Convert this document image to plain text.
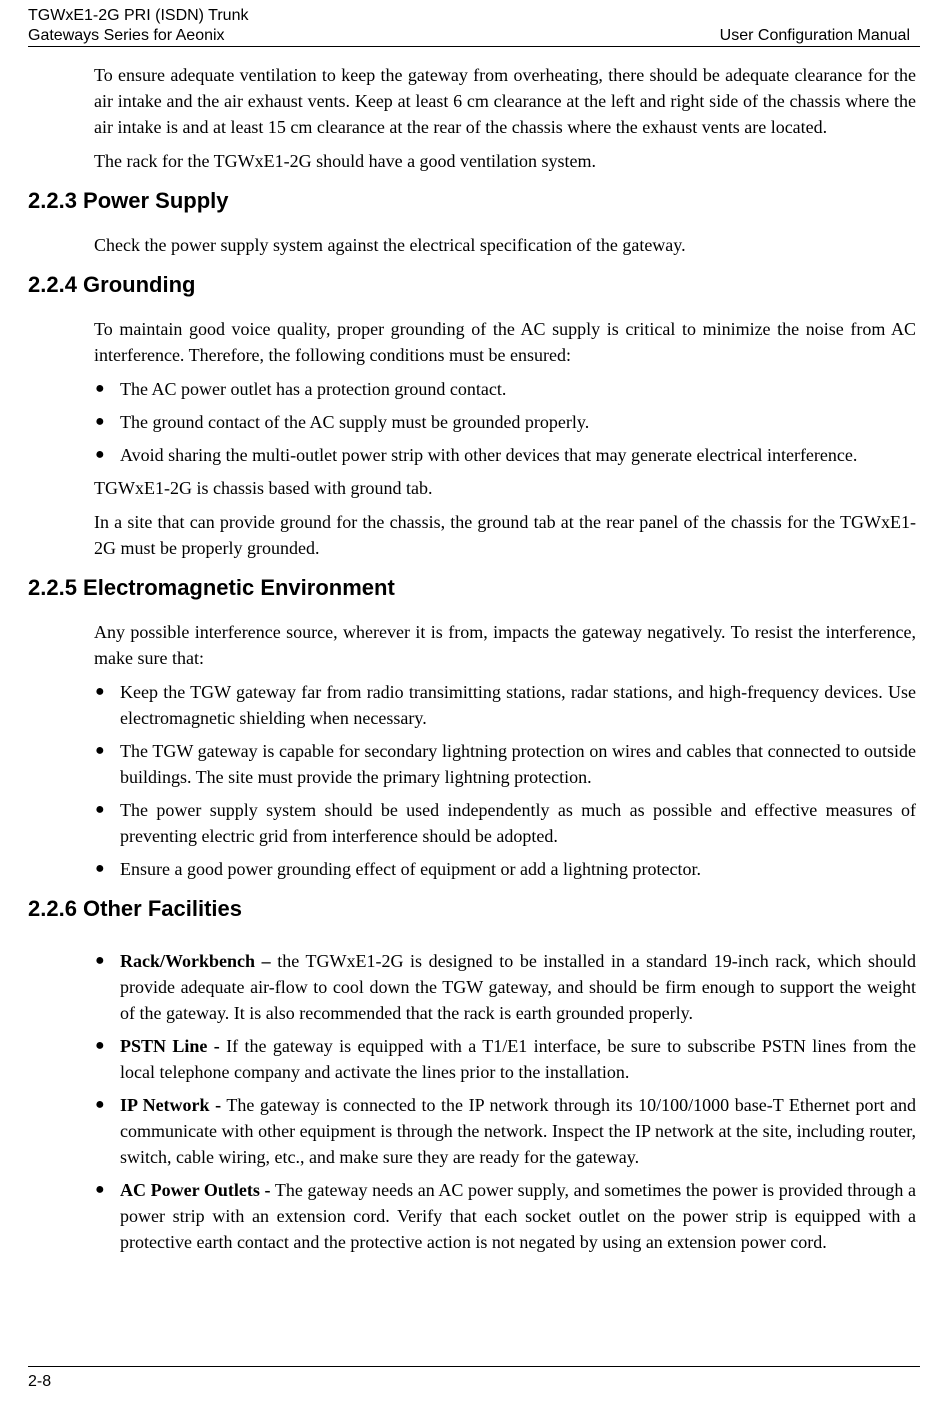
TGWxE1-2G PRI (ISDN) Trunk
Gateways Series for Aeonix	User Configuration Manual

To ensure adequate ventilation to keep the gateway from overheating, there should be adequate clearance for the air intake and the air exhaust vents. Keep at least 6 cm clearance at the left and right side of the chassis where the air intake is and at least 15 cm clearance at the rear of the chassis where the exhaust vents are located.

The rack for the TGWxE1-2G should have a good ventilation system.

2.2.3 Power Supply

Check the power supply system against the electrical specification of the gateway.

2.2.4 Grounding

To maintain good voice quality, proper grounding of the AC supply is critical to minimize the noise from AC interference. Therefore, the following conditions must be ensured:

● The AC power outlet has a protection ground contact.
● The ground contact of the AC supply must be grounded properly.
● Avoid sharing the multi-outlet power strip with other devices that may generate electrical interference.

TGWxE1-2G is chassis based with ground tab.

In a site that can provide ground for the chassis, the ground tab at the rear panel of the chassis for the TGWxE1-2G must be properly grounded.

2.2.5 Electromagnetic Environment

Any possible interference source, wherever it is from, impacts the gateway negatively. To resist the interference, make sure that:

● Keep the TGW gateway far from radio transimitting stations, radar stations, and high-frequency devices. Use electromagnetic shielding when necessary.
● The TGW gateway is capable for secondary lightning protection on wires and cables that connected to outside buildings. The site must provide the primary lightning protection.
● The power supply system should be used independently as much as possible and effective measures of preventing electric grid from interference should be adopted.
● Ensure a good power grounding effect of equipment or add a lightning protector.
2.2.6 Other Facilities
● Rack/Workbench – the TGWxE1-2G is designed to be installed in a standard 19-inch rack, which should provide adequate air-flow to cool down the TGW gateway, and should be firm enough to support the weight of the gateway. It is also recommended that the rack is earth grounded properly.
● PSTN Line - If the gateway is equipped with a T1/E1 interface, be sure to subscribe PSTN lines from the local telephone company and activate the lines prior to the installation.
● IP Network - The gateway is connected to the IP network through its 10/100/1000 base-T Ethernet port and communicate with other equipment is through the network. Inspect the IP network at the site, including router, switch, cable wiring, etc., and make sure they are ready for the gateway.
● AC Power Outlets - The gateway needs an AC power supply, and sometimes the power is provided through a power strip with an extension cord. Verify that each socket outlet on the power strip is equipped with a protective earth contact and the protective action is not negated by using an extension power cord.
2-8
